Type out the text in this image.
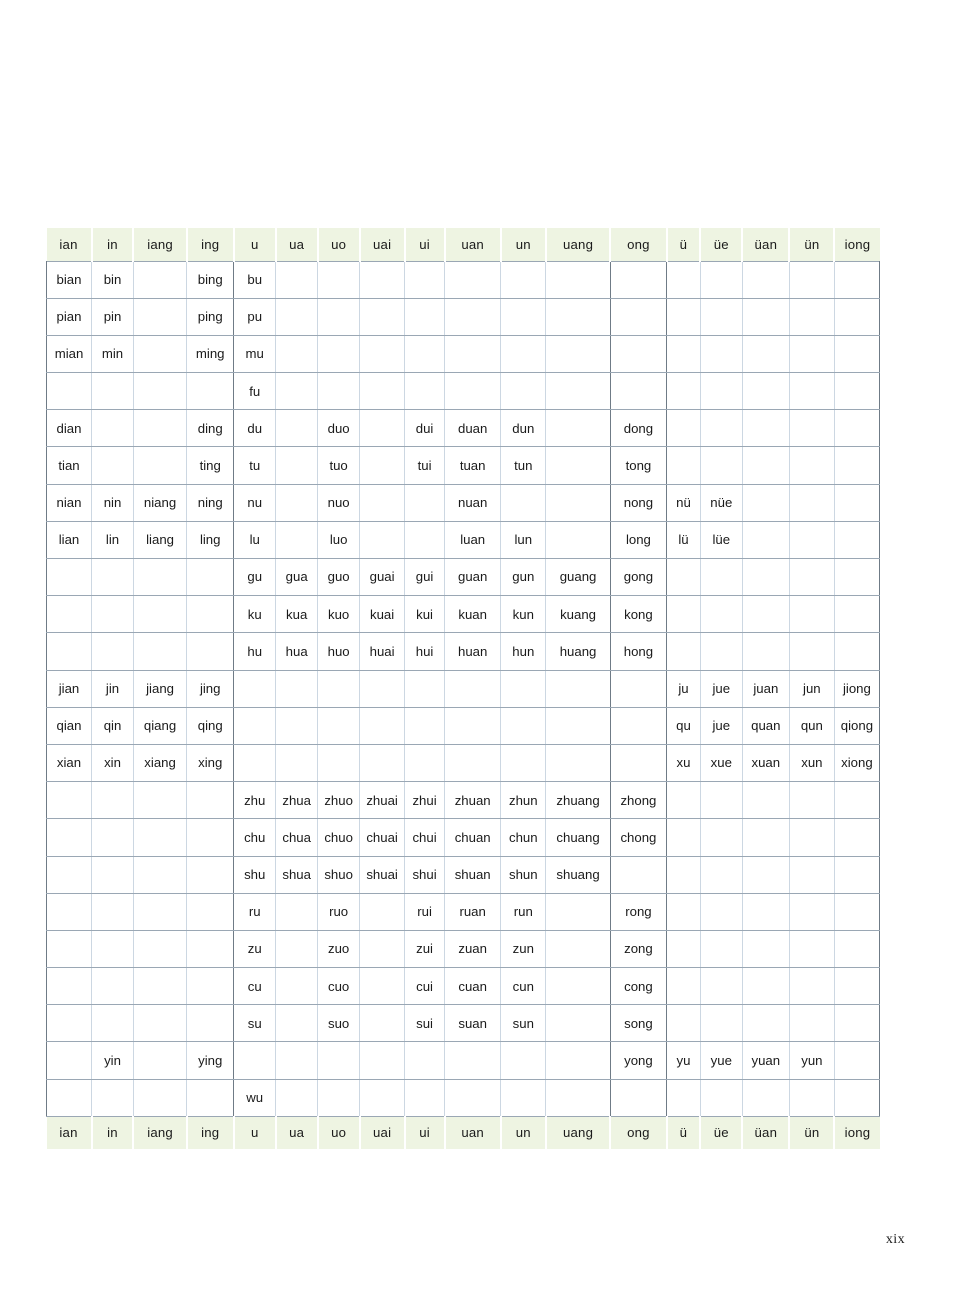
ian	in	iang	ing	u	ua	uo	uai	ui	uan	un	uang	ong	ü	üe	üan	ün	iong
bian	bin		bing	bu													
pian	pin		ping	pu													
mian	min		ming	mu													
				fu													
dian			ding	du		duo		dui	duan	dun		dong					
tian			ting	tu		tuo		tui	tuan	tun		tong					
nian	nin	niang	ning	nu		nuo			nuan			nong	nü	nüe			
lian	lin	liang	ling	lu		luo			luan	lun		long	lü	lüe			
				gu	gua	guo	guai	gui	guan	gun	guang	gong					
				ku	kua	kuo	kuai	kui	kuan	kun	kuang	kong					
				hu	hua	huo	huai	hui	huan	hun	huang	hong					
jian	jin	jiang	jing										ju	jue	juan	jun	jiong
qian	qin	qiang	qing										qu	jue	quan	qun	qiong
xian	xin	xiang	xing										xu	xue	xuan	xun	xiong
				zhu	zhua	zhuo	zhuai	zhui	zhuan	zhun	zhuang	zhong					
				chu	chua	chuo	chuai	chui	chuan	chun	chuang	chong					
				shu	shua	shuo	shuai	shui	shuan	shun	shuang						
				ru		ruo		rui	ruan	run		rong					
				zu		zuo		zui	zuan	zun		zong					
				cu		cuo		cui	cuan	cun		cong					
				su		suo		sui	suan	sun		song					
	yin		ying									yong	yu	yue	yuan	yun	
				wu													
ian	in	iang	ing	u	ua	uo	uai	ui	uan	un	uang	ong	ü	üe	üan	ün	iong
xix
